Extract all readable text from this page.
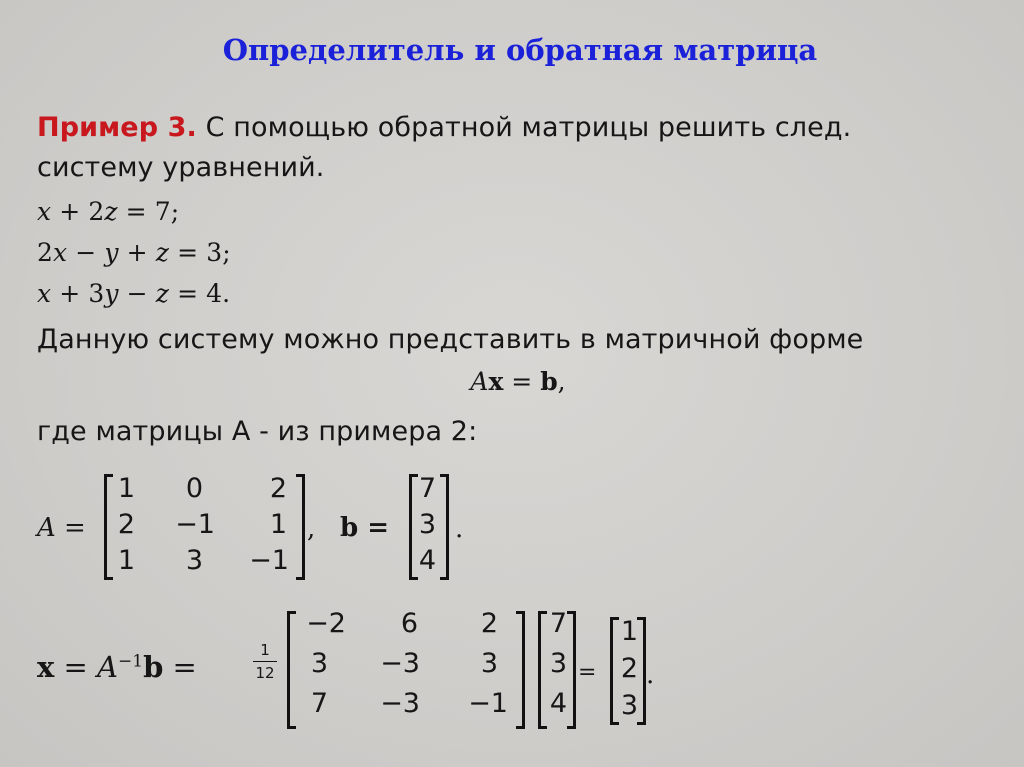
Определитель и обратная матрица
Пример 3. С помощью обратной матрицы решить след.
систему уравнений.
x + 2z = 7;
2x − y + z = 3;
x + 3y − z = 4.
Данную систему можно представить в матричной форме
Ax = b,
где матрицы A - из примера 2:
A =
1	0	2
2	−1	1
1	3	−1
, b =
7
3
4
.
$x = A^{-1}b$ =	1
12
−2	6	2
3	−3	3
7	−3	−1
7
3
4
=
1
2
3
.
